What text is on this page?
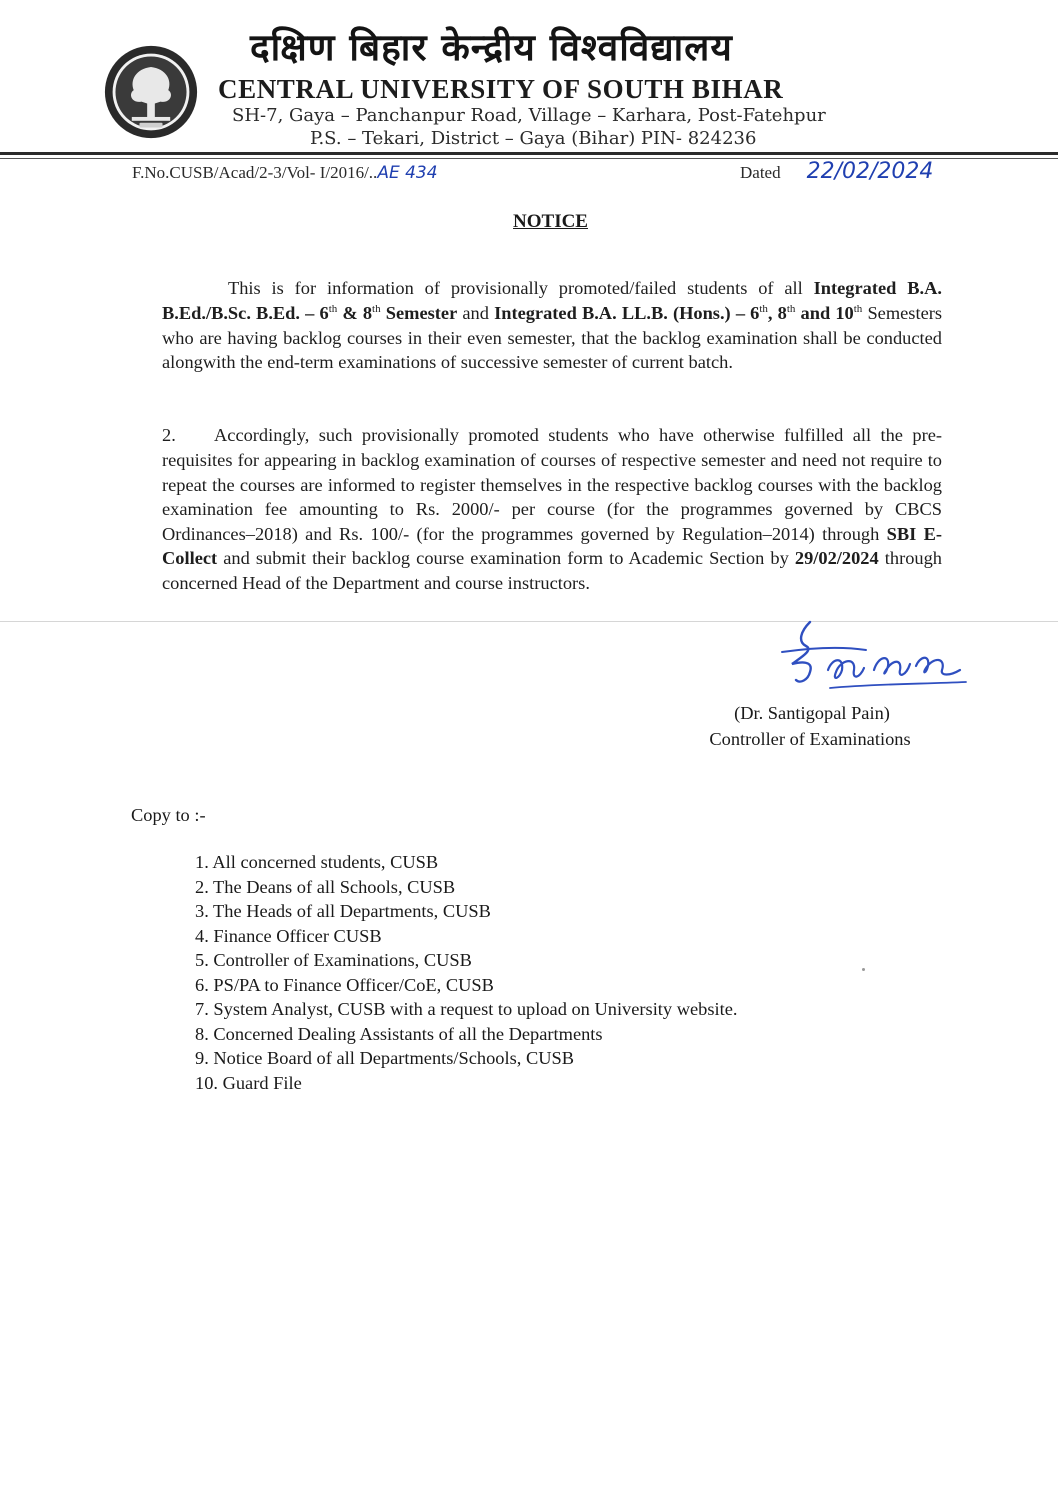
दक्षिण बिहार केन्द्रीय विश्वविद्यालय
CENTRAL UNIVERSITY OF SOUTH BIHAR
SH-7, Gaya – Panchanpur Road, Village – Karhara, Post-Fatehpur
P.S. – Tekari, District – Gaya (Bihar) PIN- 824236
F.No.CUSB/Acad/2-3/Vol- I/2016/..AE 434	Dated 22/02/2024
NOTICE

This is for information of provisionally promoted/failed students of all Integrated B.A. B.Ed./B.Sc. B.Ed. – 6th & 8th Semester and Integrated B.A. LL.B. (Hons.) – 6th, 8th and 10th Semesters who are having backlog courses in their even semester, that the backlog examination shall be conducted alongwith the end-term examinations of successive semester of current batch.

2. Accordingly, such provisionally promoted students who have otherwise fulfilled all the pre-requisites for appearing in backlog examination of courses of respective semester and need not require to repeat the courses are informed to register themselves in the respective backlog courses with the backlog examination fee amounting to Rs. 2000/- per course (for the programmes governed by CBCS Ordinances–2018) and Rs. 100/- (for the programmes governed by Regulation–2014) through SBI E-Collect and submit their backlog course examination form to Academic Section by 29/02/2024 through concerned Head of the Department and course instructors.

(Dr. Santigopal Pain)
Controller of Examinations
Copy to :-
1. All concerned students, CUSB
2. The Deans of all Schools, CUSB
3. The Heads of all Departments, CUSB
4. Finance Officer CUSB
5. Controller of Examinations, CUSB
6. PS/PA to Finance Officer/CoE, CUSB
7. System Analyst, CUSB with a request to upload on University website.
8. Concerned Dealing Assistants of all the Departments
9. Notice Board of all Departments/Schools, CUSB
10. Guard File
